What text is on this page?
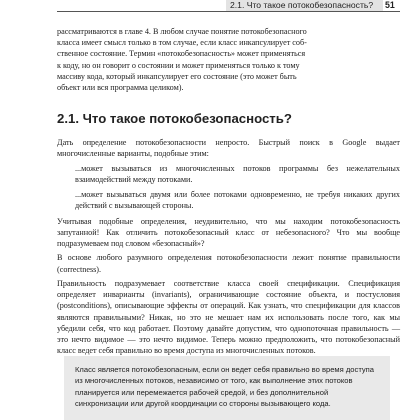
2.1. Что такое потокобезопасность? 51

рассматриваются в главе 4. В любом случае понятие потокобезопасного

класса имеет смысл только в том случае, если класс инкапсулирует соб-

ственное состояние. Термин «потокобезопасность» может применяться

к коду, но он говорит о состоянии и может применяться только к тому

массиву кода, который инкапсулирует его состояние (это может быть

объект или вся программа целиком).

2.1. Что такое потокобезопасность?

Дать определение потокобезопасности непросто. Быстрый поиск в Google выдает многочисленные варианты, подобные этим:

...может вызываться из многочисленных потоков программы без нежелательных взаимодействий между потоками.

...может вызываться двумя или более потоками одновременно, не требуя никаких других действий с вызывающей стороны.

Учитывая подобные определения, неудивительно, что мы находим потокобезопасность запутанной! Как отличить потокобезопасный класс от небезопасного? Что мы вообще подразумеваем под словом «безопасный»?

В основе любого разумного определения потокобезопасности лежит понятие правильности (correctness).

Правильность подразумевает соответствие класса своей спецификации. Спецификация определяет инварианты (invariants), ограничивающие состояние объекта, и постусловия (postconditions), описывающие эффекты от операций. Как узнать, что спецификации для классов являются правильными? Никак, но это не мешает нам их использовать после того, как мы убедили себя, что код работает. Поэтому давайте допустим, что однопоточная правильность — это нечто видимое — это нечто видимое. Теперь можно предположить, что потокобезопасный класс ведет себя правильно во время доступа из многочисленных потоков.

Класс является потокобезопасным, если он ведет себя правильно во время доступа из многочисленных потоков, независимо от того, как выполнение этих потоков планируется или перемежается рабочей средой, и без дополнительной синхронизации или другой координации со стороны вызывающего кода.
